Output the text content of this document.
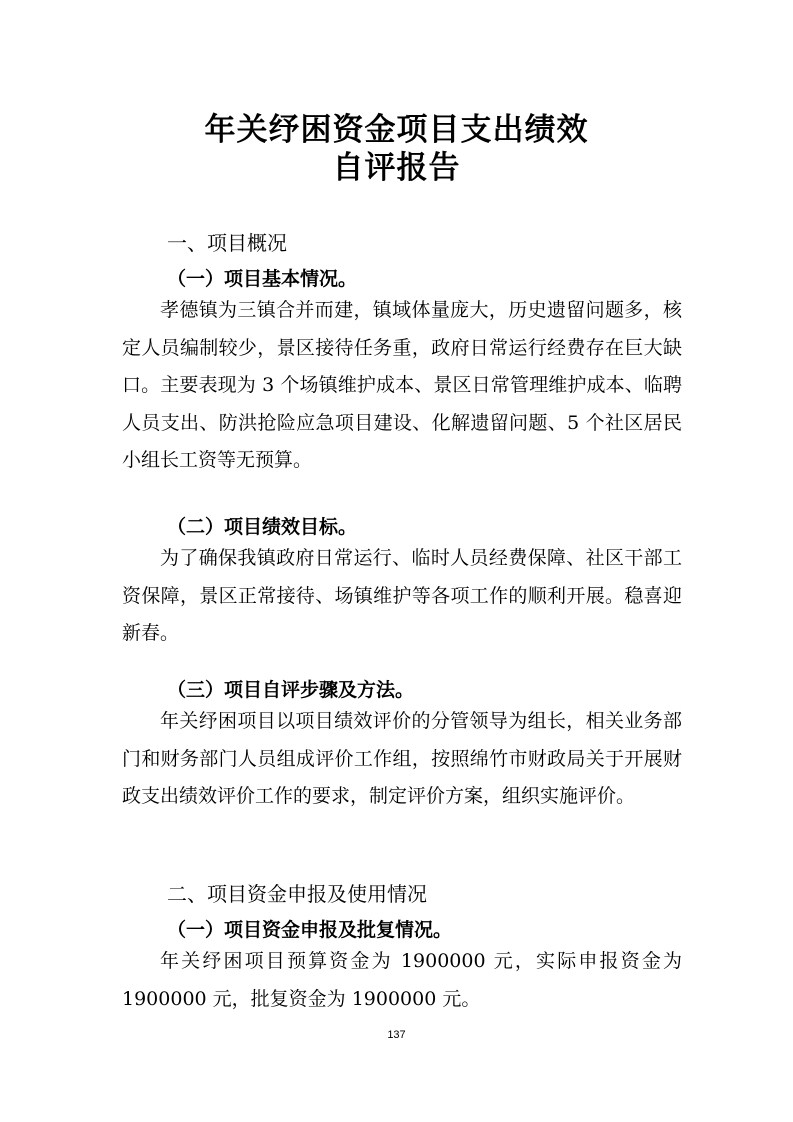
年关纾困资金项目支出绩效
自评报告
一、项目概况
（一）项目基本情况。

孝德镇为三镇合并而建，镇域体量庞大，历史遗留问题多，核定人员编制较少，景区接待任务重，政府日常运行经费存在巨大缺口。主要表现为 3 个场镇维护成本、景区日常管理维护成本、临聘人员支出、防洪抢险应急项目建设、化解遗留问题、5 个社区居民小组长工资等无预算。

（二）项目绩效目标。

为了确保我镇政府日常运行、临时人员经费保障、社区干部工资保障，景区正常接待、场镇维护等各项工作的顺利开展。稳喜迎新春。

（三）项目自评步骤及方法。

年关纾困项目以项目绩效评价的分管领导为组长，相关业务部门和财务部门人员组成评价工作组，按照绵竹市财政局关于开展财政支出绩效评价工作的要求，制定评价方案，组织实施评价。

二、项目资金申报及使用情况
（一）项目资金申报及批复情况。

年关纾困项目预算资金为 1900000 元，实际申报资金为 1900000 元，批复资金为 1900000 元。

137
